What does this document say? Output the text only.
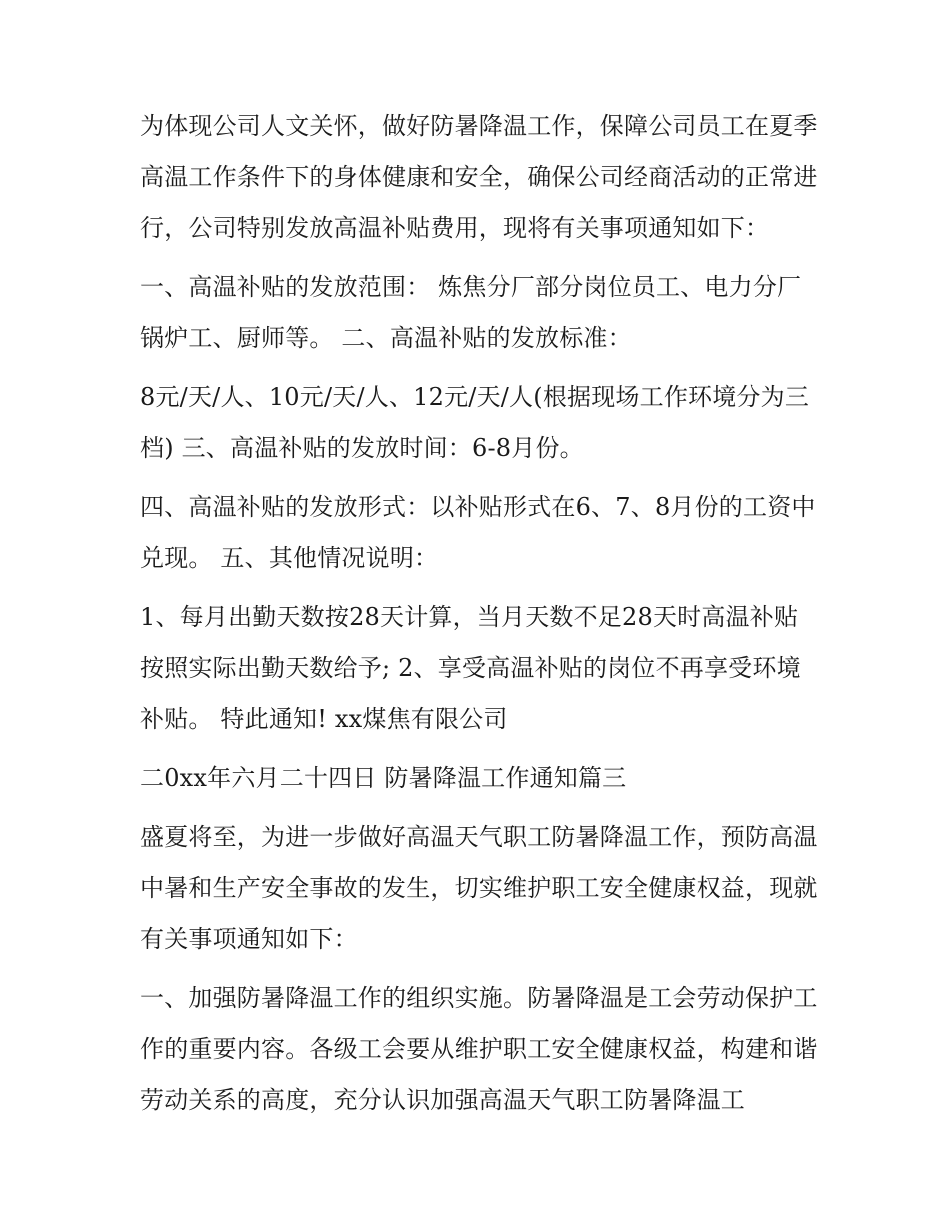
为体现公司人文关怀，做好防暑降温工作，保障公司员工在夏季高温工作条件下的身体健康和安全，确保公司经商活动的正常进行，公司特别发放高温补贴费用，现将有关事项通知如下：

一、高温补贴的发放范围： 炼焦分厂部分岗位员工、电力分厂锅炉工、厨师等。 二、高温补贴的发放标准：

8元/天/人、10元/天/人、12元/天/人(根据现场工作环境分为三档) 三、高温补贴的发放时间：6-8月份。

四、高温补贴的发放形式：以补贴形式在6、7、8月份的工资中兑现。 五、其他情况说明：

1、每月出勤天数按28天计算，当月天数不足28天时高温补贴按照实际出勤天数给予; 2、享受高温补贴的岗位不再享受环境补贴。 特此通知! xx煤焦有限公司

二0xx年六月二十四日 防暑降温工作通知篇三

盛夏将至，为进一步做好高温天气职工防暑降温工作，预防高温中暑和生产安全事故的发生，切实维护职工安全健康权益，现就有关事项通知如下：

一、加强防暑降温工作的组织实施。防暑降温是工会劳动保护工作的重要内容。各级工会要从维护职工安全健康权益，构建和谐劳动关系的高度，充分认识加强高温天气职工防暑降温工
